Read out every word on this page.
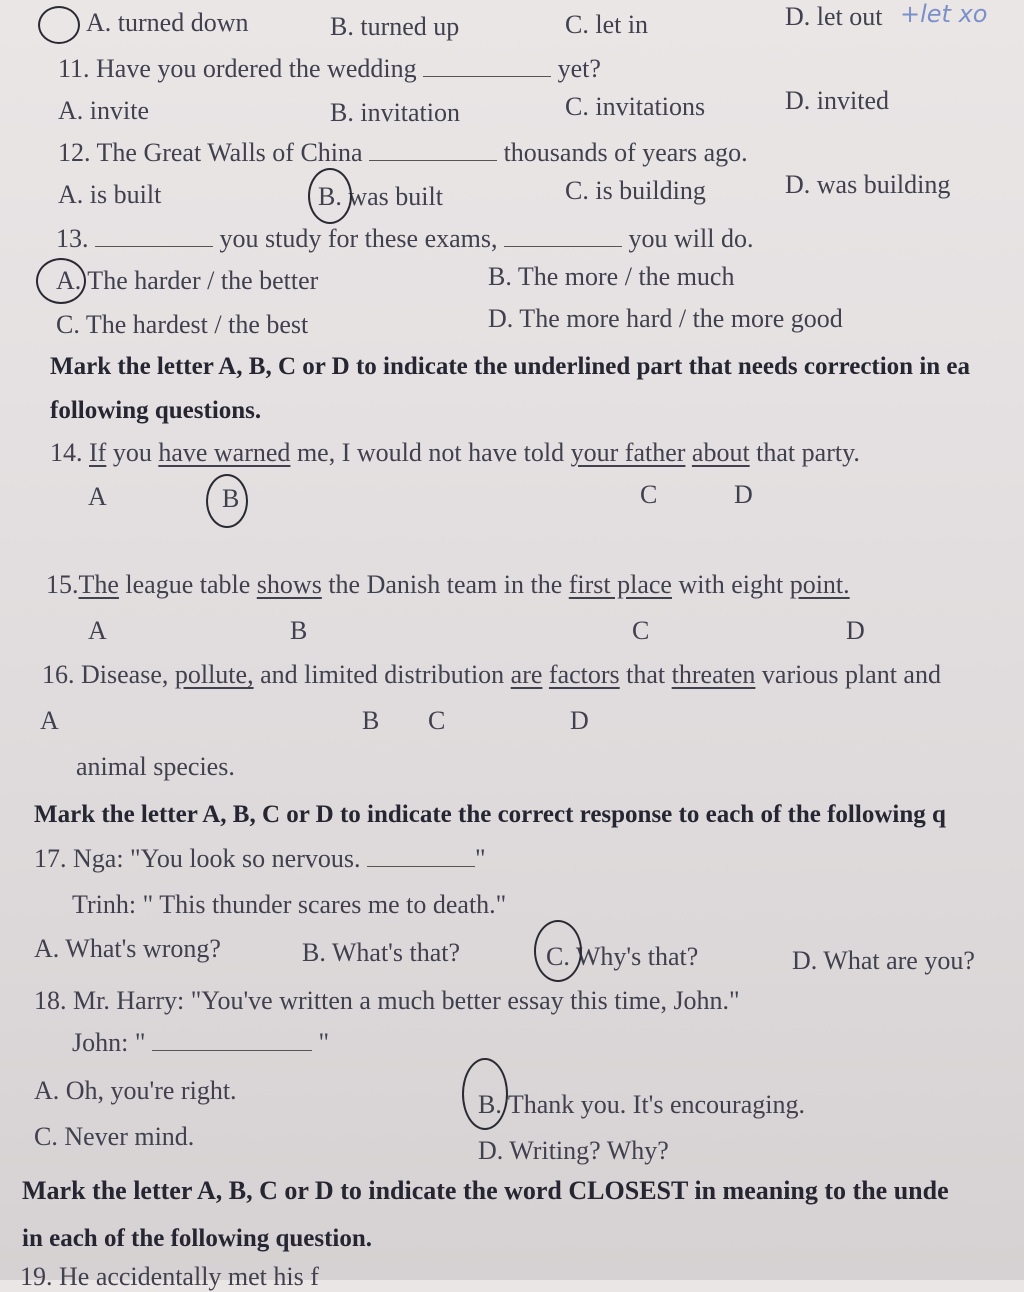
A. turned down	B. turned up	C. let in	D. let out +let xo
11. Have you ordered the wedding	yet?
A. invite	B. invitation	C. invitations	D. invited
12. The Great Walls of China	thousands of years ago.
A. is built	B. was built	C. is building	D. was building
13.	you study for these exams,	you will do.
A. The harder / the better	B. The more / the much
C. The hardest / the best	D. The more hard / the more good
Mark the letter A, B, C or D to indicate the underlined part that needs correction in ea
following questions.
14. If you have warned me, I would not have told your father about that party.
A	B	C	D
15.The league table shows the Danish team in the first place with eight point.
A	B	C	D
16. Disease, pollute, and limited distribution are factors that threaten various plant and
A	B C	D
animal species.
Mark the letter A, B, C or D to indicate the correct response to each of the following q
17. Nga: "You look so nervous.	"
Trinh: " This thunder scares me to death."
A. What's wrong?	B. What's that?	C. Why's that?	D. What are you?
18. Mr. Harry: "You've written a much better essay this time, John."
John: "	"
A. Oh, you're right.	B. Thank you. It's encouraging.
C. Never mind.	D. Writing? Why?
Mark the letter A, B, C or D to indicate the word CLOSEST in meaning to the unde
in each of the following question.
19. He accidentally met his f
